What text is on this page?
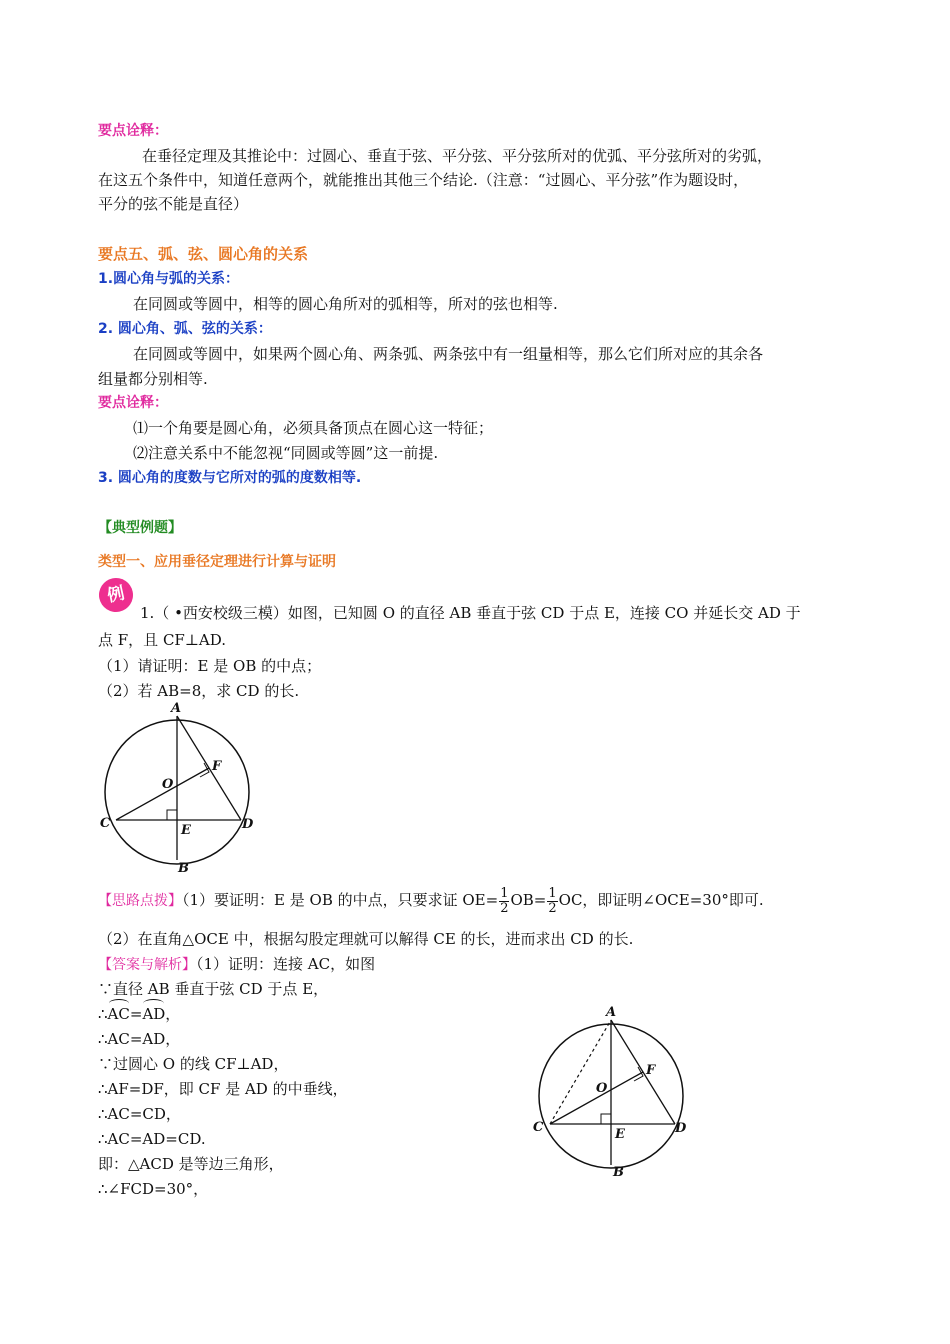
要点诠释：
在垂径定理及其推论中：过圆心、垂直于弦、平分弦、平分弦所对的优弧、平分弦所对的劣弧，
在这五个条件中，知道任意两个，就能推出其他三个结论.（注意：“过圆心、平分弦”作为题设时，
平分的弦不能是直径）
要点五、弧、弦、圆心角的关系
1.圆心角与弧的关系：
在同圆或等圆中，相等的圆心角所对的弧相等，所对的弦也相等.
2. 圆心角、弧、弦的关系：
在同圆或等圆中，如果两个圆心角、两条弧、两条弦中有一组量相等，那么它们所对应的其余各
组量都分别相等.
要点诠释：
⑴一个角要是圆心角，必须具备顶点在圆心这一特征；
⑵注意关系中不能忽视“同圆或等圆”这一前提.
3. 圆心角的度数与它所对的弧的度数相等.
【典型例题】
类型一、应用垂径定理进行计算与证明
例
1.（ •西安校级三模）如图，已知圆 O 的直径 AB 垂直于弦 CD 于点 E，连接 CO 并延长交 AD 于
点 F，且 CF⊥AD.
（1）请证明：E 是 OB 的中点；
（2）若 AB=8，求 CD 的长.
A
O
F
C	E	D
B
【思路点拨】（1）要证明：E 是 OB 的中点，只要求证 $OE= \frac{1}{2} OB= \frac{1}{2}$ OC，即证明∠OCE=30°即可.
（2）在直角△OCE 中，根据勾股定理就可以解得 CE 的长，进而求出 CD 的长.
【答案与解析】（1）证明：连接 AC，如图
∵直径 AB 垂直于弦 CD 于点 E，
∴AC=AD，
∴AC=AD，
∵过圆心 O 的线 CF⊥AD，
∴AF=DF，即 CF 是 AD 的中垂线，
∴AC=CD，
∴AC=AD=CD.
即：△ACD 是等边三角形，
∴∠FCD=30°，
A
O
F
C	E	D
B
